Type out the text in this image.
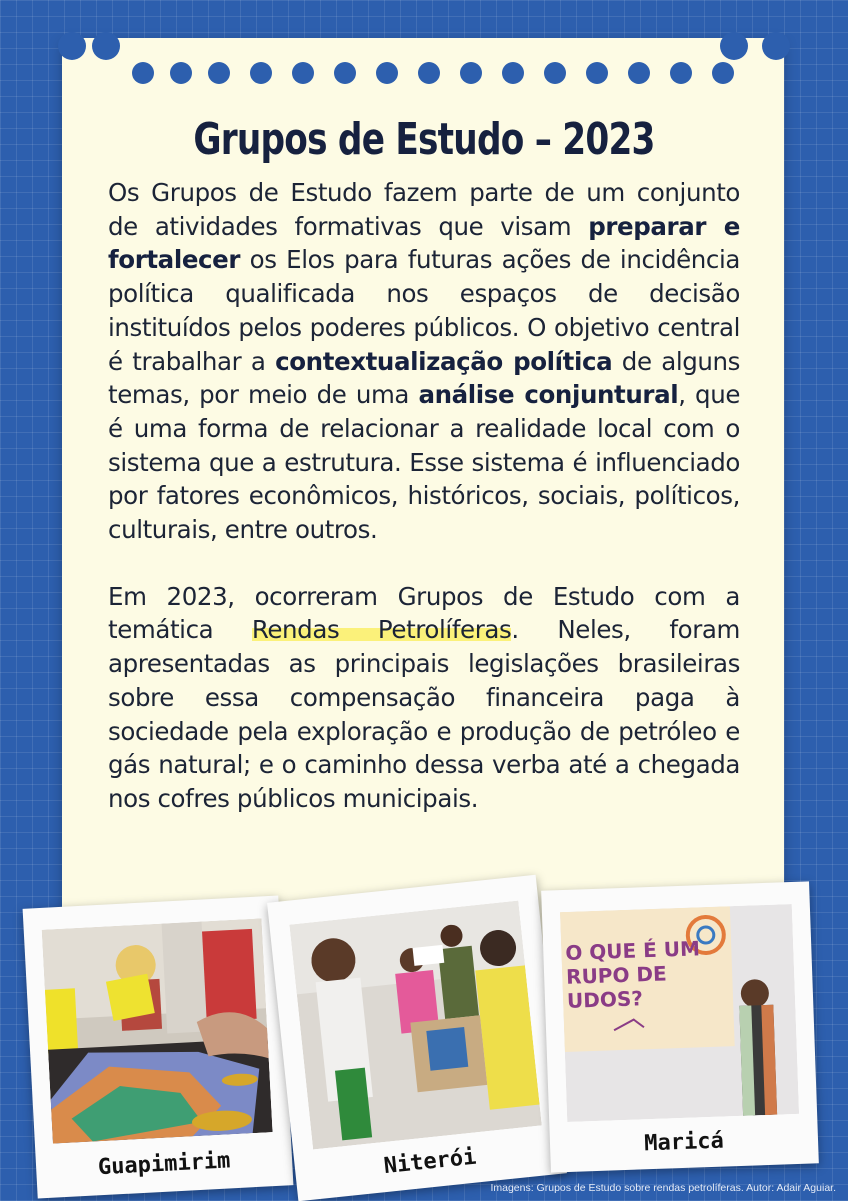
Grupos de Estudo – 2023

Os Grupos de Estudo fazem parte de um conjunto de atividades formativas que visam preparar e fortalecer os Elos para futuras ações de incidência política qualificada nos espaços de decisão instituídos pelos poderes públicos. O objetivo central é trabalhar a contextualização política de alguns temas, por meio de uma análise conjuntural, que é uma forma de relacionar a realidade local com o sistema que a estrutura. Esse sistema é influenciado por fatores econômicos, históricos, sociais, políticos, culturais, entre outros.

Em 2023, ocorreram Grupos de Estudo com a temática Rendas Petrolíferas. Neles, foram apresentadas as principais legislações brasileiras sobre essa compensação financeira paga à sociedade pela exploração e produção de petróleo e gás natural; e o caminho dessa verba até a chegada nos cofres públicos municipais.

Guapimirim	Niterói
O QUE É UM
RUPO DE
UDOS?
Maricá
Imagens: Grupos de Estudo sobre rendas petrolíferas. Autor: Adair Aguiar.
